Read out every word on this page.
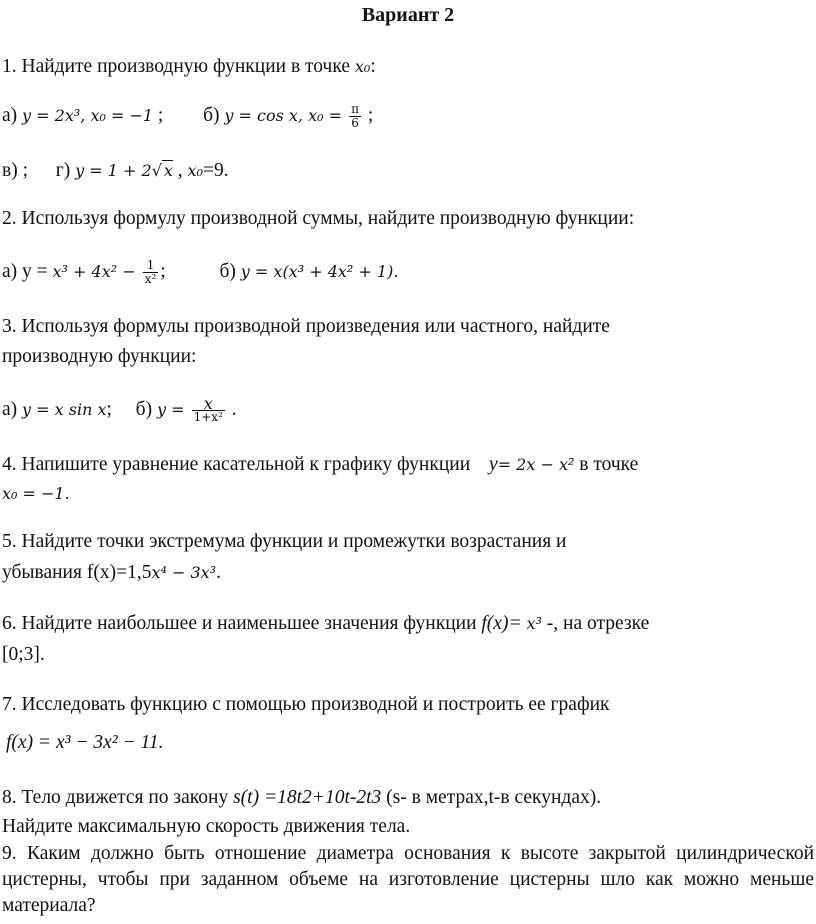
Вариант 2
1. Найдите производную функции в точке x₀:
а) y = 2x³, x₀ = −1 ; б) y = cos x, $x_0 = \frac{\pi}{6}$ ;
в) ; г) y = 1 + 2√ x , x₀=9.
2. Используя формулу производной суммы, найдите производную функции:
а) $y = x^3 + 4x^2 - \frac{1}{\text{x²}}$ ;	б) y = x(x³ + 4x² + 1).
3. Используя формулы производной произведения или частного, найдите
производную функции:
а) y = x sin x; б) $y = \frac{x}{\text{1+x²}}$ .
4. Напишите уравнение касательной к графику функции y= 2x − x² в точке
x₀ = −1.
5. Найдите точки экстремума функции и промежутки возрастания и
убывания f(x)=1,5x⁴ − 3x³.
6. Найдите наибольшее и наименьшее значения функции f(x)= x³ -, на отрезке
[0;3].
7. Исследовать функцию с помощью производной и построить ее график
f(x) = x³ − 3x² − 11.
8. Тело движется по закону s(t) =18t2+10t-2t3 (s- в метрах,t-в секундах).
Найдите максимальную скорость движения тела.
9. Каким должно быть отношение диаметра основания к высоте закрытой цилиндрической цистерны, чтобы при заданном объеме на изготовление цистерны шло как можно меньше материала?
